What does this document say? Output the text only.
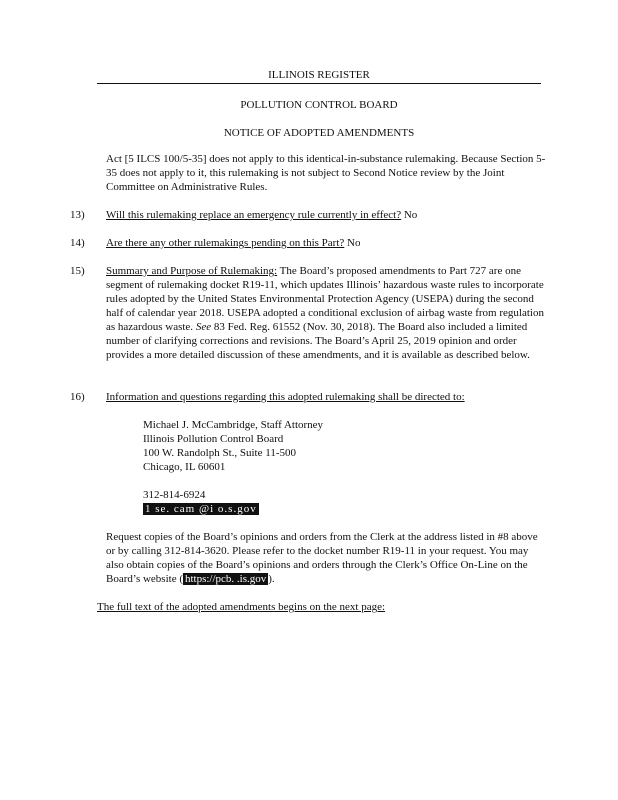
ILLINOIS REGISTER
POLLUTION CONTROL BOARD
NOTICE OF ADOPTED AMENDMENTS
Act [5 ILCS 100/5-35] does not apply to this identical-in-substance rulemaking. Because Section 5-35 does not apply to it, this rulemaking is not subject to Second Notice review by the Joint Committee on Administrative Rules.
13) Will this rulemaking replace an emergency rule currently in effect? No
14) Are there any other rulemakings pending on this Part? No
15) Summary and Purpose of Rulemaking: The Board’s proposed amendments to Part 727 are one segment of rulemaking docket R19-11, which updates Illinois’ hazardous waste rules to incorporate rules adopted by the United States Environmental Protection Agency (USEPA) during the second half of calendar year 2018. USEPA adopted a conditional exclusion of airbag waste from regulation as hazardous waste. See 83 Fed. Reg. 61552 (Nov. 30, 2018). The Board also included a limited number of clarifying corrections and revisions. The Board’s April 25, 2019 opinion and order provides a more detailed discussion of these amendments, and it is available as described below.
16) Information and questions regarding this adopted rulemaking shall be directed to:
Michael J. McCambridge, Staff Attorney
Illinois Pollution Control Board
100 W. Randolph St., Suite 11-500
Chicago, IL 60601
312-814-6924
1 se. cam @i o.s.gov
Request copies of the Board’s opinions and orders from the Clerk at the address listed in #8 above or by calling 312-814-3620. Please refer to the docket number R19-11 in your request. You may also obtain copies of the Board’s opinions and orders through the Clerk’s Office On-Line on the Board’s website ( https://pcb. .is.gov ).
The full text of the adopted amendments begins on the next page:
